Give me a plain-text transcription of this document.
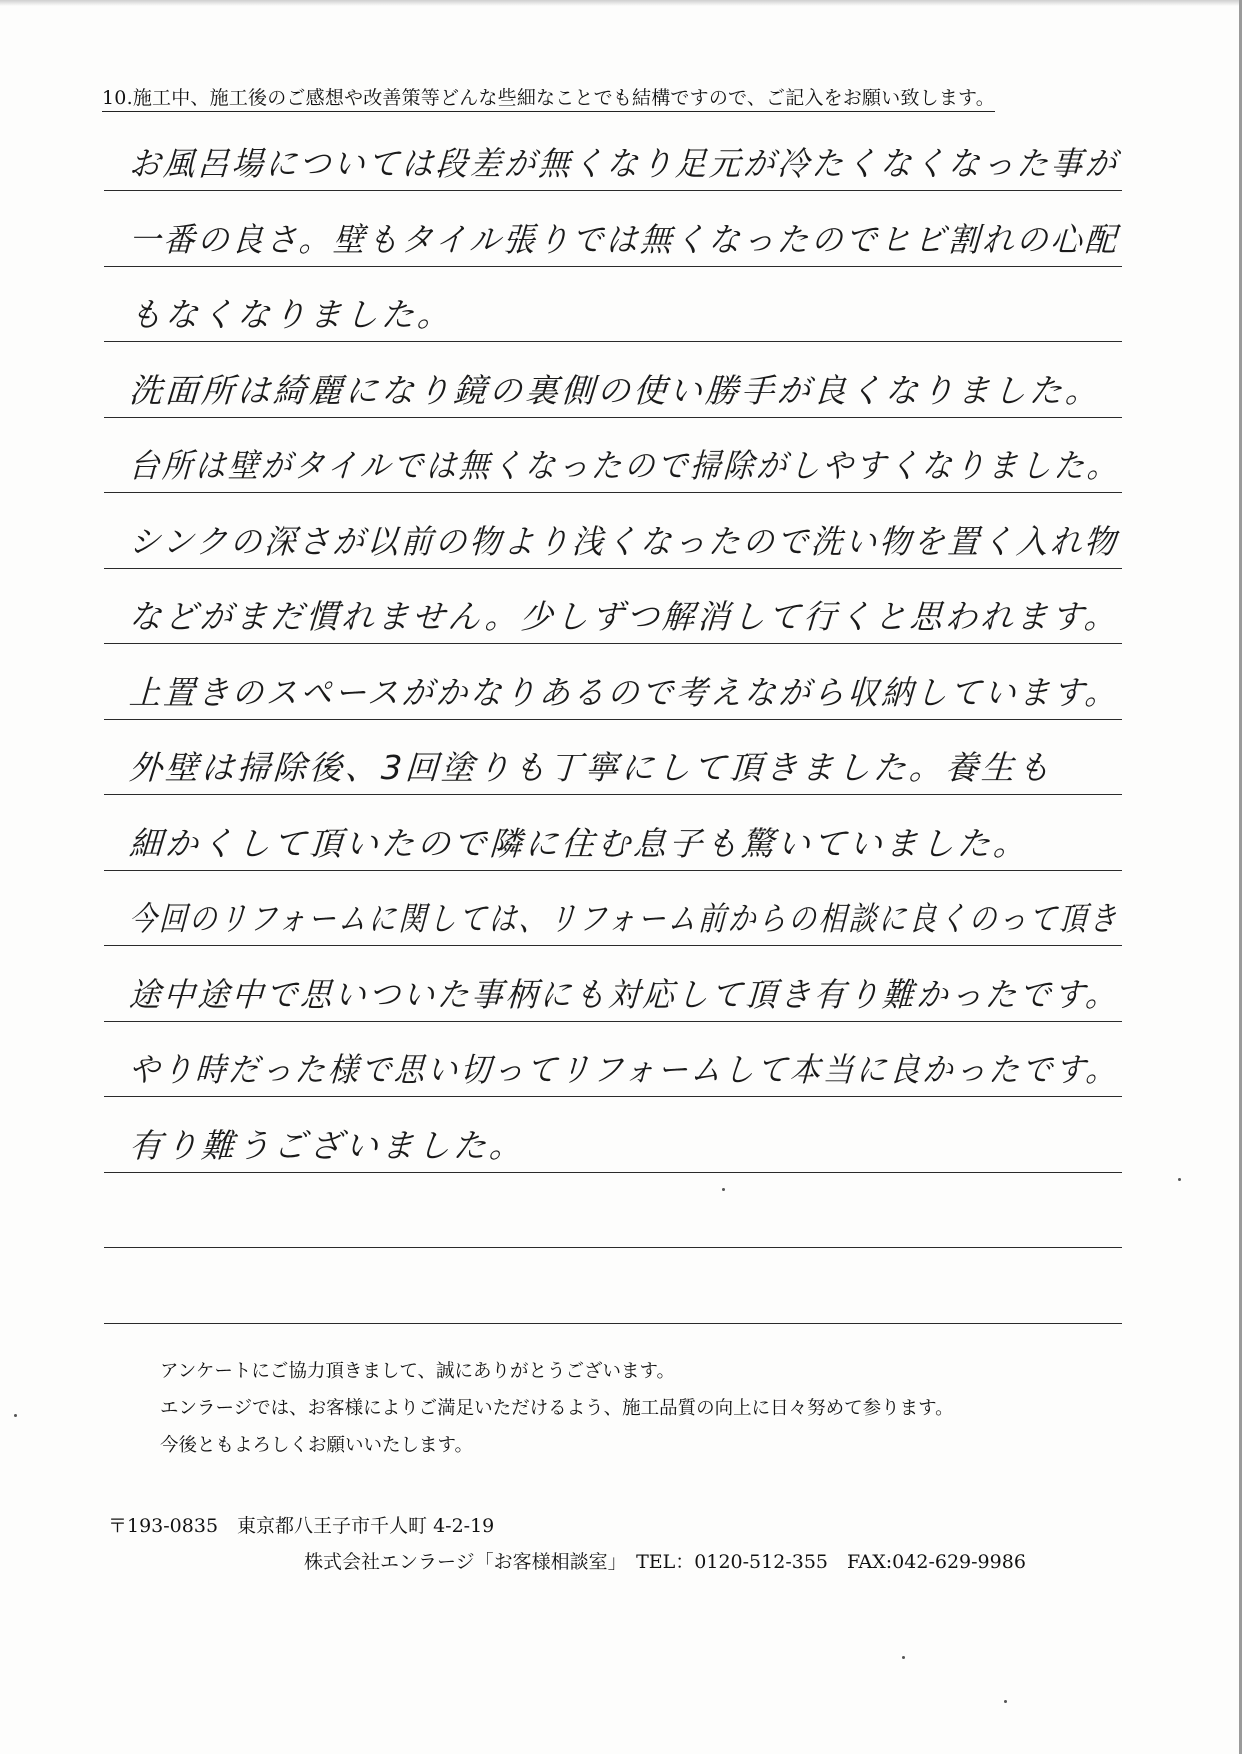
10.施工中、施工後のご感想や改善策等どんな些細なことでも結構ですので、ご記入をお願い致します。
お風呂場については段差が無くなり足元が冷たくなくなった事が
一番の良さ。壁もタイル張りでは無くなったのでヒビ割れの心配
もなくなりました。
洗面所は綺麗になり鏡の裏側の使い勝手が良くなりました。
台所は壁がタイルでは無くなったので掃除がしやすくなりました。
シンクの深さが以前の物より浅くなったので洗い物を置く入れ物
などがまだ慣れません。少しずつ解消して行くと思われます。
上置きのスペースがかなりあるので考えながら収納しています。
外壁は掃除後、3回塗りも丁寧にして頂きました。養生も
細かくして頂いたので隣に住む息子も驚いていました。
今回のリフォームに関しては、リフォーム前からの相談に良くのって頂き
途中途中で思いついた事柄にも対応して頂き有り難かったです。
やり時だった様で思い切ってリフォームして本当に良かったです。
有り難うございました。
アンケートにご協力頂きまして、誠にありがとうございます。
エンラージでは、お客様によりご満足いただけるよう、施工品質の向上に日々努めて参ります。
今後ともよろしくお願いいたします。
〒193-0835　東京都八王子市千人町 4-2-19
株式会社エンラージ「お客様相談室」　TEL：0120-512-355　FAX:042-629-9986
